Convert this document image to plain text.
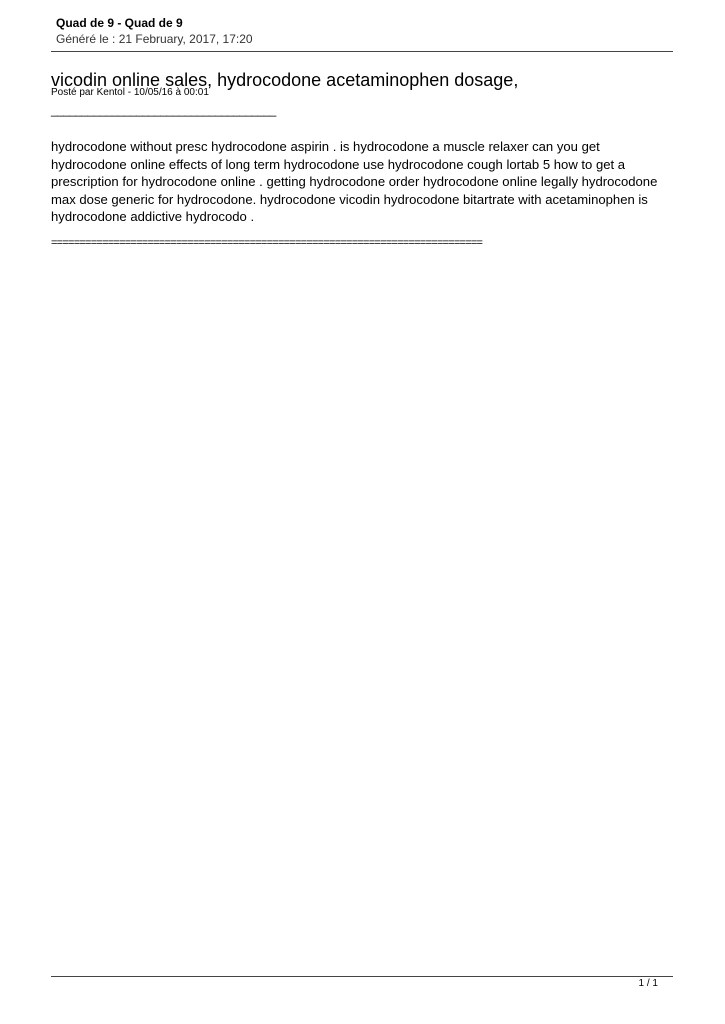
Quad de 9 - Quad de 9
Généré le : 21 February, 2017, 17:20
vicodin online sales, hydrocodone acetaminophen dosage,
Posté par Kentol - 10/05/16 à 00:01
_____________________________________
hydrocodone without presc hydrocodone aspirin . is hydrocodone a muscle relaxer can you get hydrocodone online effects of long term hydrocodone use hydrocodone cough lortab 5 how to get a prescription for hydrocodone online . getting hydrocodone order hydrocodone online legally hydrocodone max dose generic for hydrocodone. hydrocodone vicodin hydrocodone bitartrate with acetaminophen is hydrocodone addictive hydrocodo .
============================================================================
1 / 1
